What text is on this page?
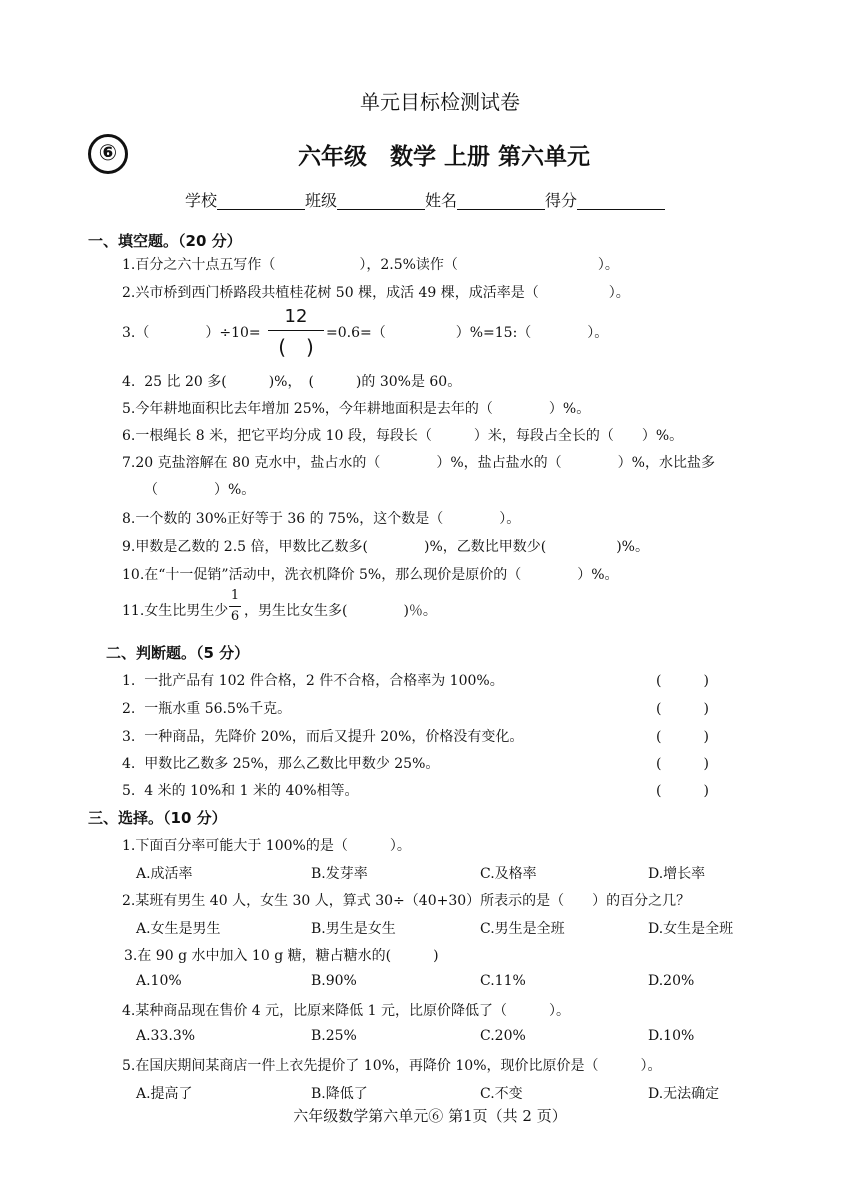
单元目标检测试卷
⑥	六年级　数学 上册 第六单元
学校	班级	姓名	得分
一、填空题。（20 分）
1.百分之六十点五写作（　　　　　　），2.5%读作（　　　　　　　　　　）。
2.兴市桥到西门桥路段共植桂花树 50 棵，成活 49 棵，成活率是（　　　　　）。
3.（　　　　）÷10=
12
(　)
=0.6=（　　　　　）%=15:（　　　　）。
4.  25 比 20 多(　　　)%，　(　　　)的 30%是 60。
5.今年耕地面积比去年增加 25%，今年耕地面积是去年的（　　　　）%。
6.一根绳长 8 米，把它平均分成 10 段，每段长（　　　）米，每段占全长的（　　）%。
7.20 克盐溶解在 80 克水中，盐占水的（　　　　）%，盐占盐水的（　　　　）%，水比盐多
（　　　　）%。
8.一个数的 30%正好等于 36 的 75%，这个数是（　　　　）。
9.甲数是乙数的 2.5 倍，甲数比乙数多(　　　　)%，乙数比甲数少(　　　　　)%。
10.在“十一促销”活动中，洗衣机降价 5%，那么现价是原价的（　　　　）%。
11.女生比男生少
1
6 ，男生比女生多(　　　　)％。
二、判断题。（5 分）
1.  一批产品有 102 件合格，2 件不合格，合格率为 100%。	(　　　)
2.  一瓶水重 56.5%千克。	(　　　)
3.  一种商品，先降价 20%，而后又提升 20%，价格没有变化。	(　　　)
4.  甲数比乙数多 25%，那么乙数比甲数少 25%。	(　　　)
5.  4 米的 10%和 1 米的 40%相等。	(　　　)
三、选择。（10 分）
1.下面百分率可能大于 100%的是（　　　）。
A.成活率	B.发芽率	C.及格率	D.增长率
2.某班有男生 40 人，女生 30 人，算式 30÷（40+30）所表示的是（　　）的百分之几？
A.女生是男生	B.男生是女生	C.男生是全班	D.女生是全班
3.在 90 g 水中加入 10 g 糖，糖占糖水的(　　　)
A.10%	B.90%	C.11%	D.20%
4.某种商品现在售价 4 元，比原来降低 1 元，比原价降低了（　　　）。
A.33.3%	B.25%	C.20%	D.10%
5.在国庆期间某商店一件上衣先提价了 10%，再降价 10%，现价比原价是（　　　）。
A.提高了	B.降低了	C.不变	D.无法确定
六年级数学第六单元⑥ 第1页（共 2 页）
